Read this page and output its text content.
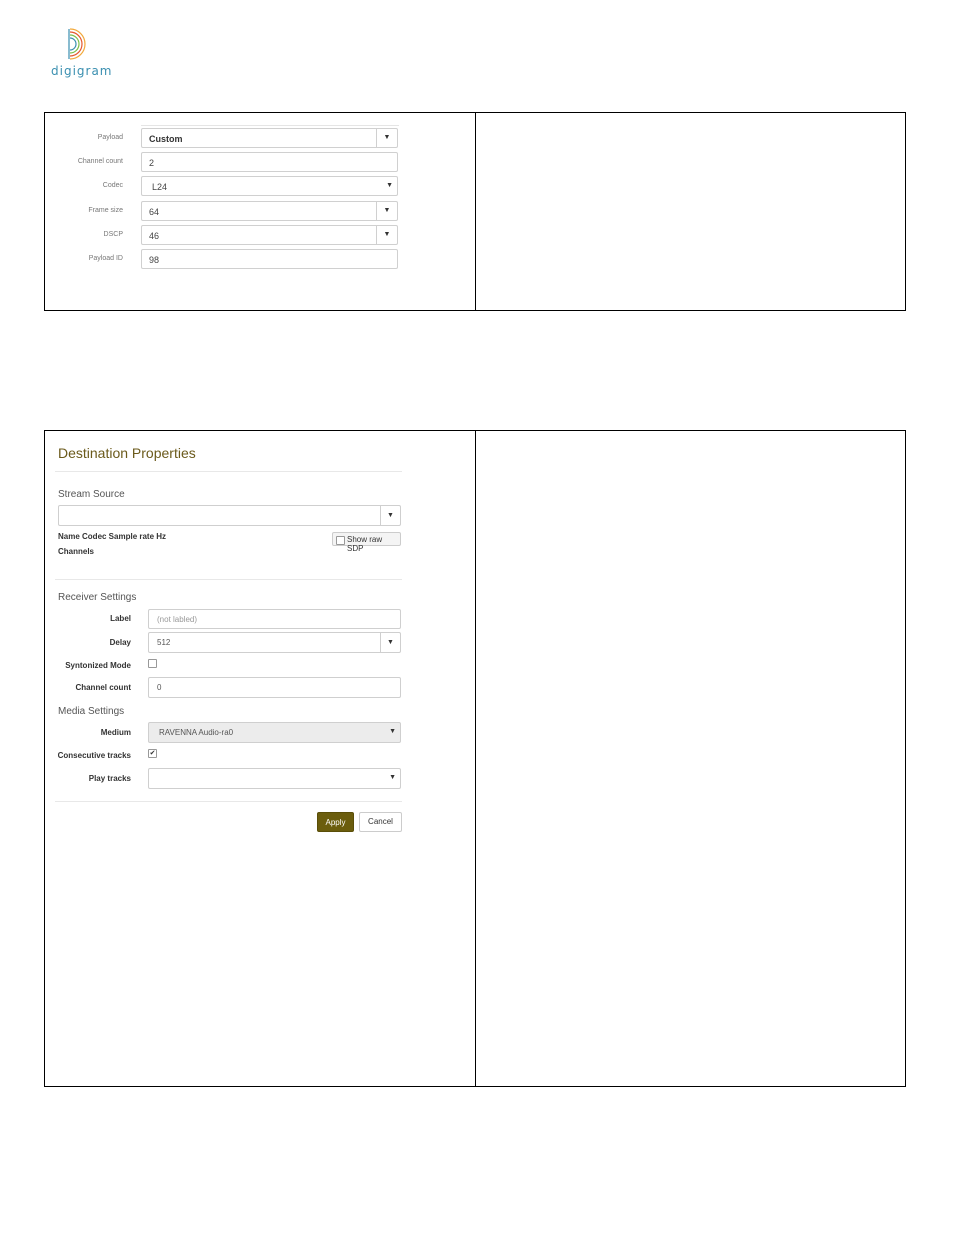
digigram
Payload	Custom	▼
Channel count	2
Codec	L24	▼
Frame size	64	▼
DSCP	46	▼
Payload ID	98

Destination Properties
Stream Source
▼
Name Codec Sample rate Hz
Channels
Show raw SDP
Receiver Settings
Label	(not labled)
Delay	512	▼
Syntonized Mode
Channel count	0
Media Settings
Medium	RAVENNA Audio-ra0	▼
Consecutive tracks	✔
Play tracks	▼
Apply	Cancel
